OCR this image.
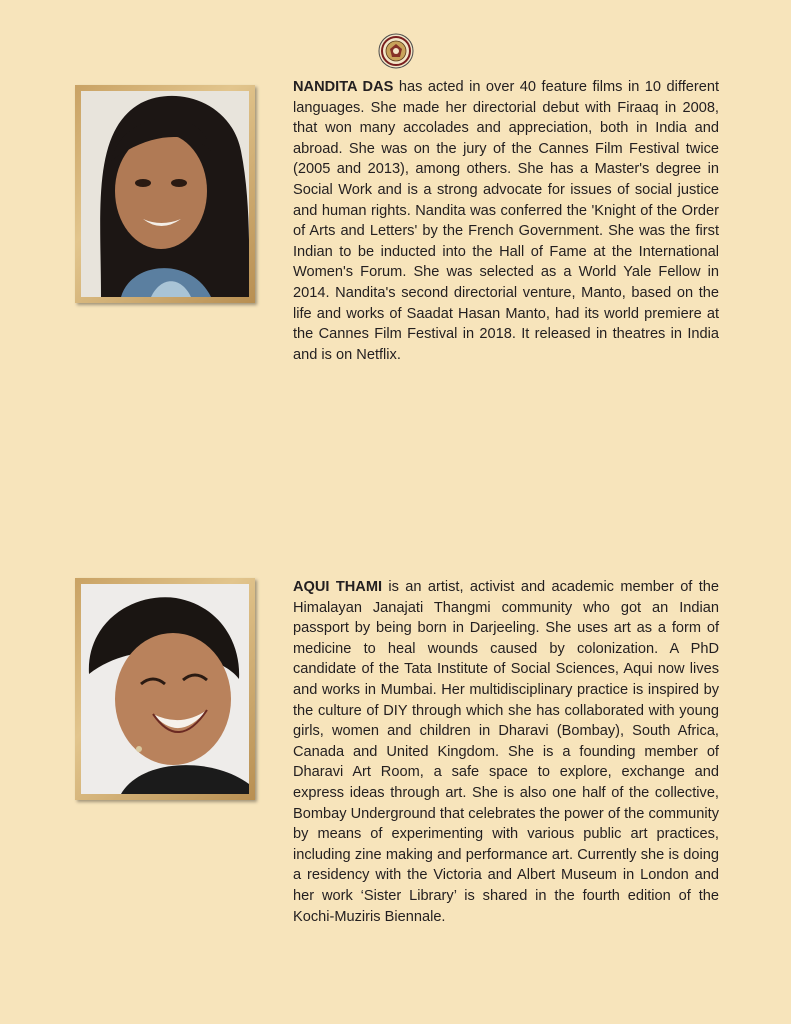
NANDITA DAS has acted in over 40 feature films in 10 different languages. She made her directorial debut with Firaaq in 2008, that won many accolades and appreciation, both in India and abroad. She was on the jury of the Cannes Film Festival twice (2005 and 2013), among others. She has a Master's degree in Social Work and is a strong advocate for issues of social justice and human rights. Nandita was conferred the 'Knight of the Order of Arts and Letters' by the French Government. She was the first Indian to be inducted into the Hall of Fame at the International Women's Forum. She was selected as a World Yale Fellow in 2014. Nandita's second directorial venture, Manto, based on the life and works of Saadat Hasan Manto, had its world premiere at the Cannes Film Festival in 2018. It released in theatres in India and is on Netflix.

AQUI THAMI is an artist, activist and academic member of the Himalayan Janajati Thangmi community who got an Indian passport by being born in Darjeeling. She uses art as a form of medicine to heal wounds caused by colonization. A PhD candidate of the Tata Institute of Social Sciences, Aqui now lives and works in Mumbai. Her multidisciplinary practice is inspired by the culture of DIY through which she has collaborated with young girls, women and children in Dharavi (Bombay), South Africa, Canada and United Kingdom. She is a founding member of Dharavi Art Room, a safe space to explore, exchange and express ideas through art. She is also one half of the collective, Bombay Underground that celebrates the power of the community by means of experimenting with various public art practices, including zine making and performance art. Currently she is doing a residency with the Victoria and Albert Museum in London and her work ‘Sister Library’ is shared in the fourth edition of the Kochi-Muziris Biennale.
